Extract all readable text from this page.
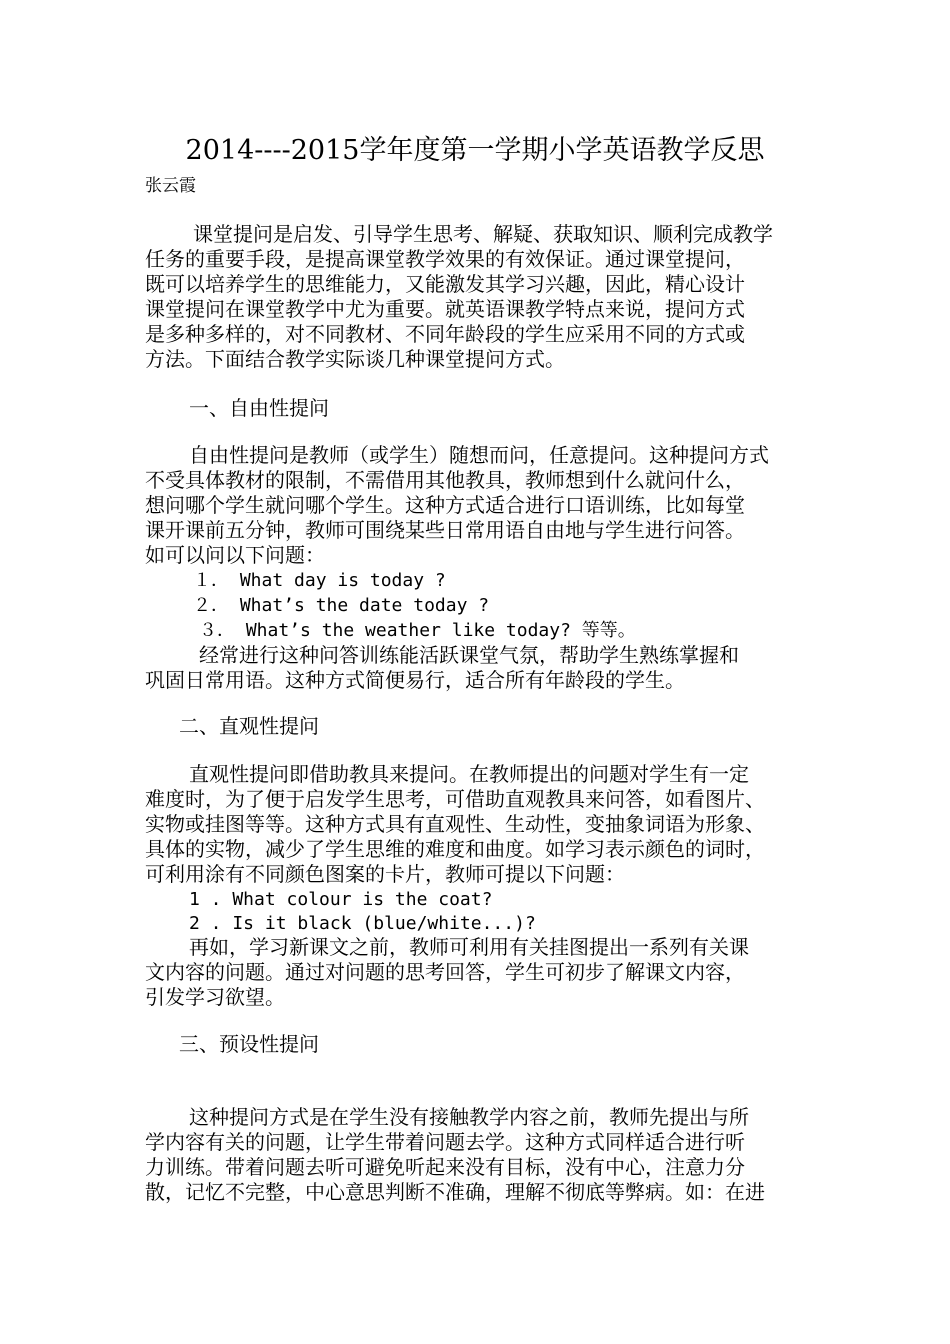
2014----2015学年度第一学期小学英语教学反思
张云霞
课堂提问是启发、引导学生思考、解疑、获取知识、顺利完成教学
任务的重要手段，是提高课堂教学效果的有效保证。通过课堂提问，
既可以培养学生的思维能力，又能激发其学习兴趣，因此，精心设计
课堂提问在课堂教学中尤为重要。就英语课教学特点来说，提问方式
是多种多样的，对不同教材、不同年龄段的学生应采用不同的方式或
方法。下面结合教学实际谈几种课堂提问方式。
一、自由性提问
自由性提问是教师（或学生）随想而问，任意提问。这种提问方式
不受具体教材的限制，不需借用其他教具，教师想到什么就问什么，
想问哪个学生就问哪个学生。这种方式适合进行口语训练，比如每堂
课开课前五分钟，教师可围绕某些日常用语自由地与学生进行问答。
如可以问以下问题：
１． What day is today ?
２． What’s the date today ?
３． What’s the weather like today? 等等。
经常进行这种问答训练能活跃课堂气氛，帮助学生熟练掌握和
巩固日常用语。这种方式简便易行，适合所有年龄段的学生。
二、直观性提问
直观性提问即借助教具来提问。在教师提出的问题对学生有一定
难度时，为了便于启发学生思考，可借助直观教具来问答，如看图片、
实物或挂图等等。这种方式具有直观性、生动性，变抽象词语为形象、
具体的实物，减少了学生思维的难度和曲度。如学习表示颜色的词时，
可利用涂有不同颜色图案的卡片，教师可提以下问题：
1 . What colour is the coat?
2 . Is it black (blue/white...)?
再如，学习新课文之前，教师可利用有关挂图提出一系列有关课
文内容的问题。通过对问题的思考回答，学生可初步了解课文内容，
引发学习欲望。
三、预设性提问
这种提问方式是在学生没有接触教学内容之前，教师先提出与所
学内容有关的问题，让学生带着问题去学。这种方式同样适合进行听
力训练。带着问题去听可避免听起来没有目标，没有中心，注意力分
散，记忆不完整，中心意思判断不准确，理解不彻底等弊病。如：在进
